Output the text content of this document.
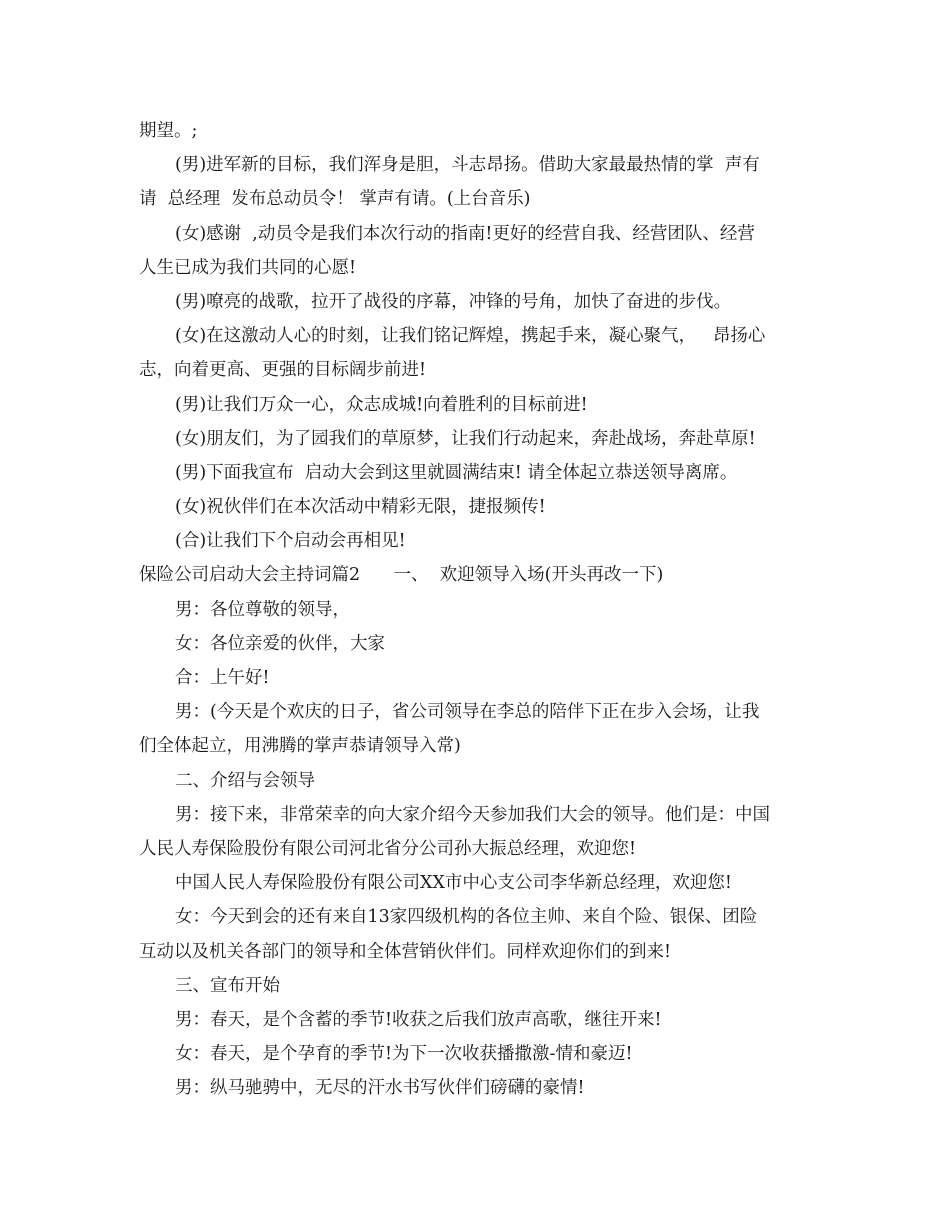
期望。;

(男)进军新的目标，我们浑身是胆，斗志昂扬。借助大家最最热情的掌  声有

请  总经理  发布总动员令！ 掌声有请。(上台音乐)

(女)感谢  ,动员令是我们本次行动的指南!更好的经营自我、经营团队、经营

人生已成为我们共同的心愿!

(男)嘹亮的战歌，拉开了战役的序幕，冲锋的号角，加快了奋进的步伐。

(女)在这激动人心的时刻，让我们铭记辉煌，携起手来，凝心聚气，   昂扬心

志，向着更高、更强的目标阔步前进!

(男)让我们万众一心，众志成城!向着胜利的目标前进!

(女)朋友们，为了园我们的草原梦，让我们行动起来，奔赴战场，奔赴草原!

(男)下面我宣布  启动大会到这里就圆满结束! 请全体起立恭送领导离席。

(女)祝伙伴们在本次活动中精彩无限，捷报频传!

(合)让我们下个启动会再相见!

保险公司启动大会主持词篇2      一、  欢迎领导入场(开头再改一下)

男：各位尊敬的领导，

女：各位亲爱的伙伴，大家

合：上午好!

男：(今天是个欢庆的日子，省公司领导在李总的陪伴下正在步入会场，让我

们全体起立，用沸腾的掌声恭请领导入常)

二、介绍与会领导

男：接下来，非常荣幸的向大家介绍今天参加我们大会的领导。他们是：中国

人民人寿保险股份有限公司河北省分公司孙大振总经理，欢迎您!

中国人民人寿保险股份有限公司XX市中心支公司李华新总经理，欢迎您!

女：今天到会的还有来自13家四级机构的各位主帅、来自个险、银保、团险

互动以及机关各部门的领导和全体营销伙伴们。同样欢迎你们的到来!

三、宣布开始

男：春天，是个含蓄的季节!收获之后我们放声高歌，继往开来!

女：春天，是个孕育的季节!为下一次收获播撒激-情和豪迈!

男：纵马驰骋中，无尽的汗水书写伙伴们磅礴的豪情!
